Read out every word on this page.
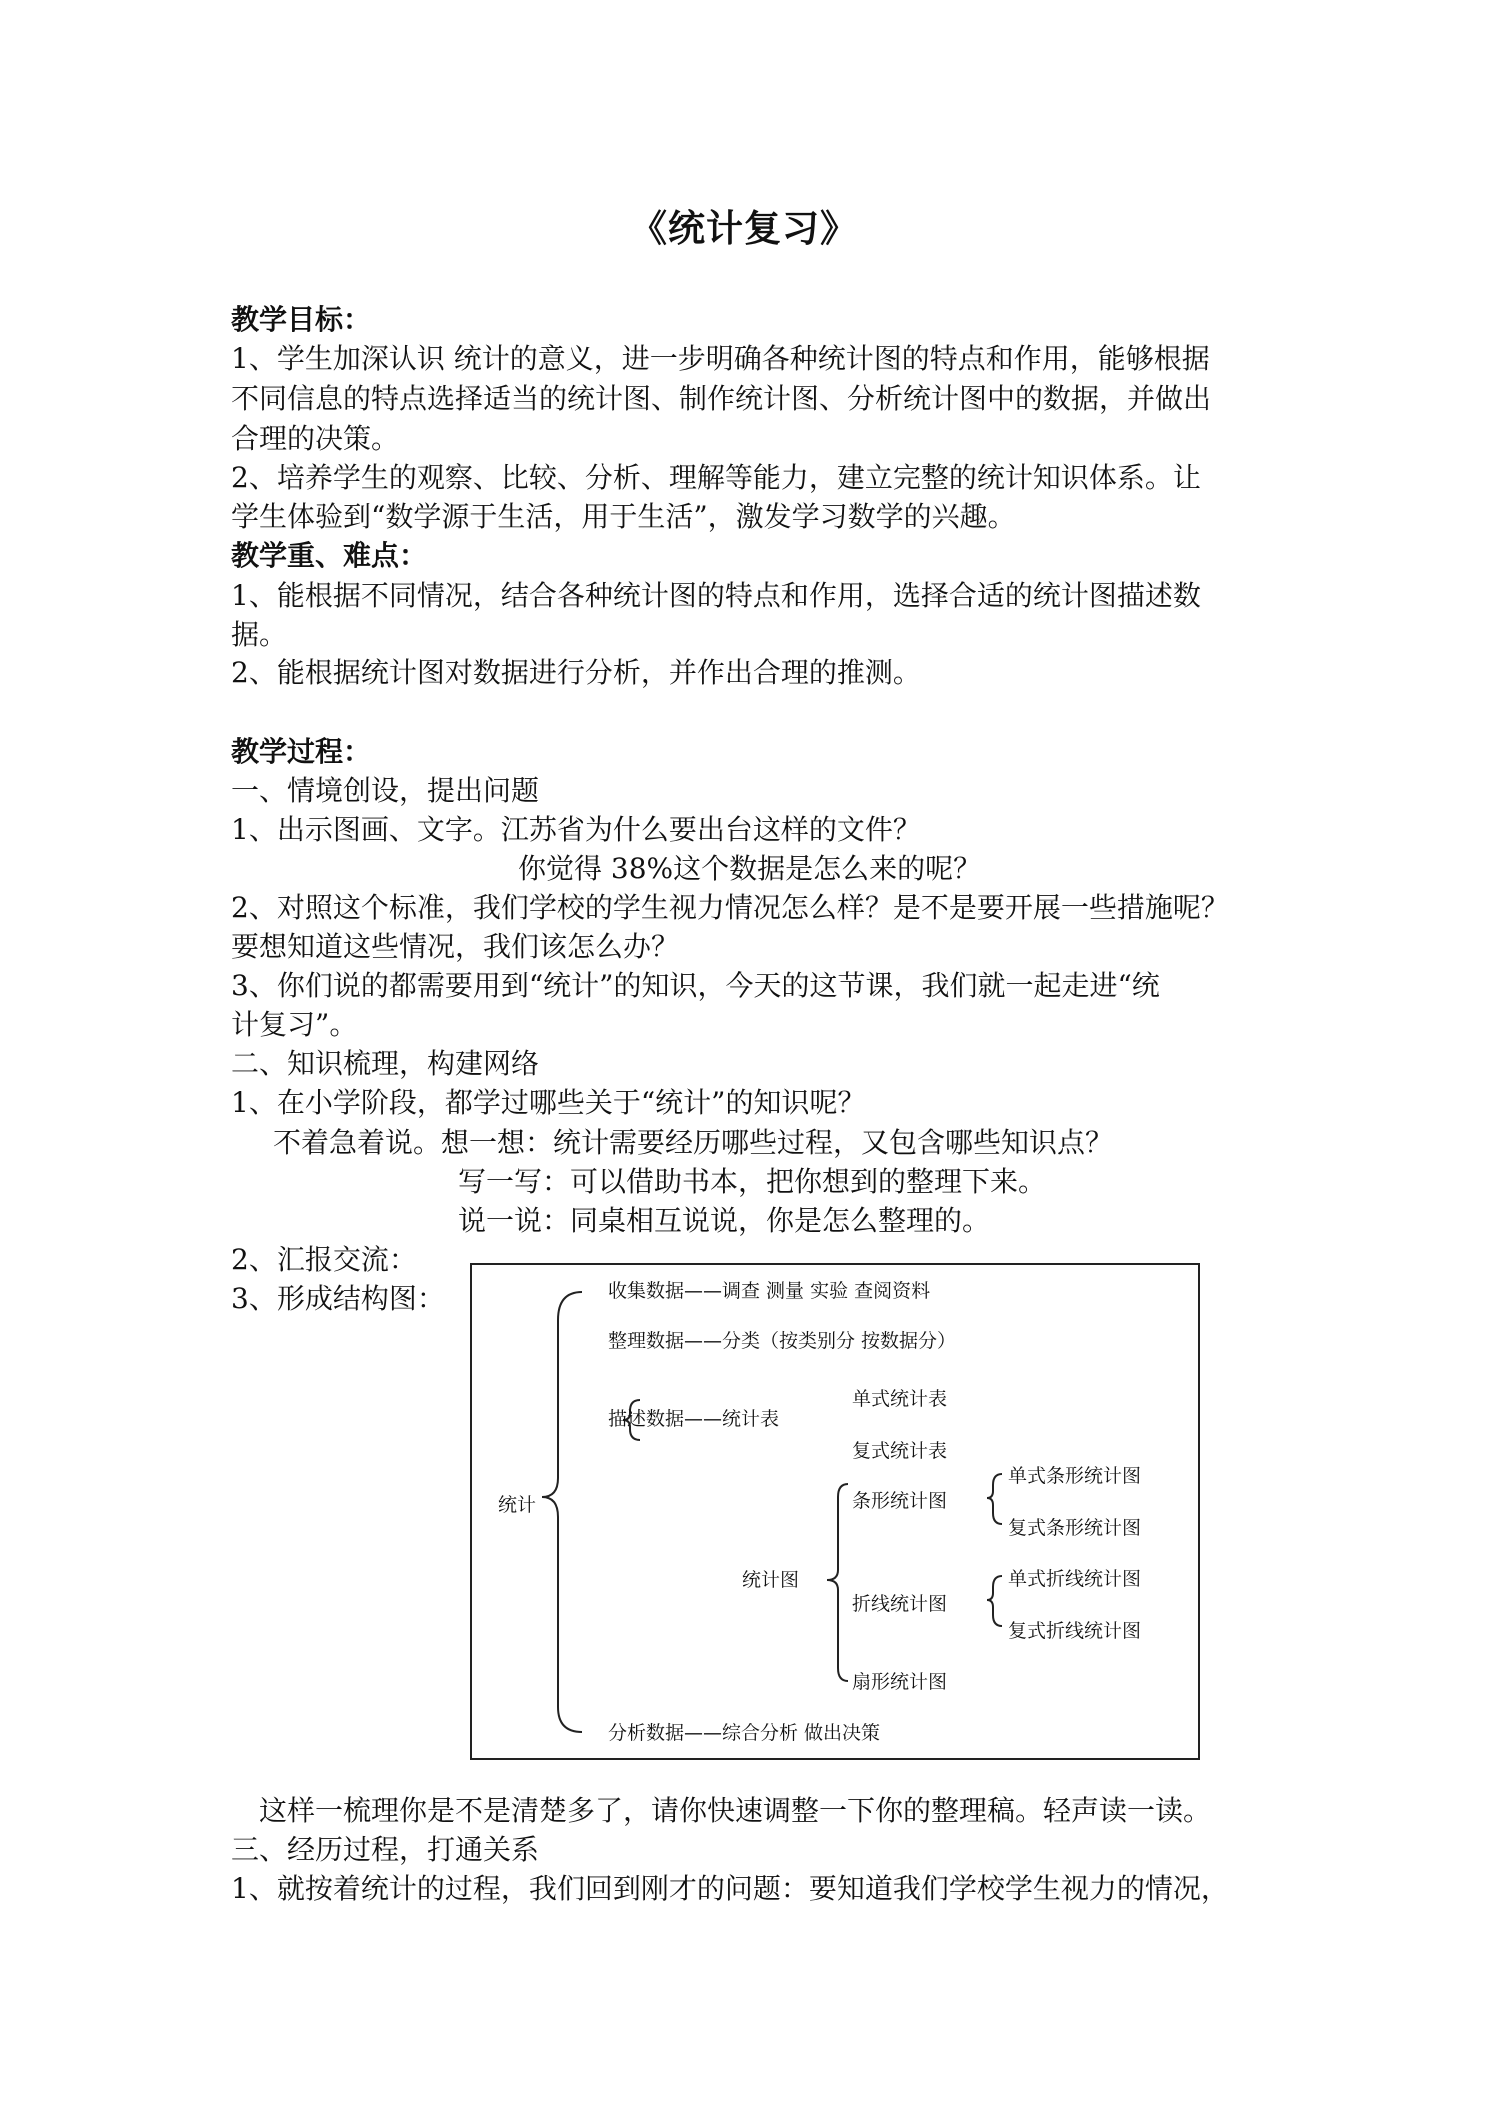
《统计复习》
教学目标：
1、学生加深认识 统计的意义，进一步明确各种统计图的特点和作用，能够根据
不同信息的特点选择适当的统计图、制作统计图、分析统计图中的数据，并做出
合理的决策。
2、培养学生的观察、比较、分析、理解等能力，建立完整的统计知识体系。让
学生体验到“数学源于生活，用于生活”，激发学习数学的兴趣。
教学重、难点：
1、能根据不同情况，结合各种统计图的特点和作用，选择合适的统计图描述数
据。
2、能根据统计图对数据进行分析，并作出合理的推测。
教学过程：
一、情境创设，提出问题
1、出示图画、文字。江苏省为什么要出台这样的文件？
你觉得 38%这个数据是怎么来的呢？
2、对照这个标准，我们学校的学生视力情况怎么样？是不是要开展一些措施呢？
要想知道这些情况，我们该怎么办？
3、你们说的都需要用到“统计”的知识，今天的这节课，我们就一起走进“统
计复习”。
二、知识梳理，构建网络
1、在小学阶段，都学过哪些关于“统计”的知识呢？
不着急着说。想一想：统计需要经历哪些过程，又包含哪些知识点？
写一写：可以借助书本，把你想到的整理下来。
说一说：同桌相互说说，你是怎么整理的。
2、汇报交流：
3、形成结构图：
统计
收集数据——调查 测量 实验 查阅资料
整理数据——分类（按类别分 按数据分）
描述数据——统计表
单式统计表
复式统计表
统计图
条形统计图
单式条形统计图
复式条形统计图
折线统计图
单式折线统计图
复式折线统计图
扇形统计图
分析数据——综合分析 做出决策
这样一梳理你是不是清楚多了，请你快速调整一下你的整理稿。轻声读一读。
三、经历过程，打通关系
1、就按着统计的过程，我们回到刚才的问题：要知道我们学校学生视力的情况，
